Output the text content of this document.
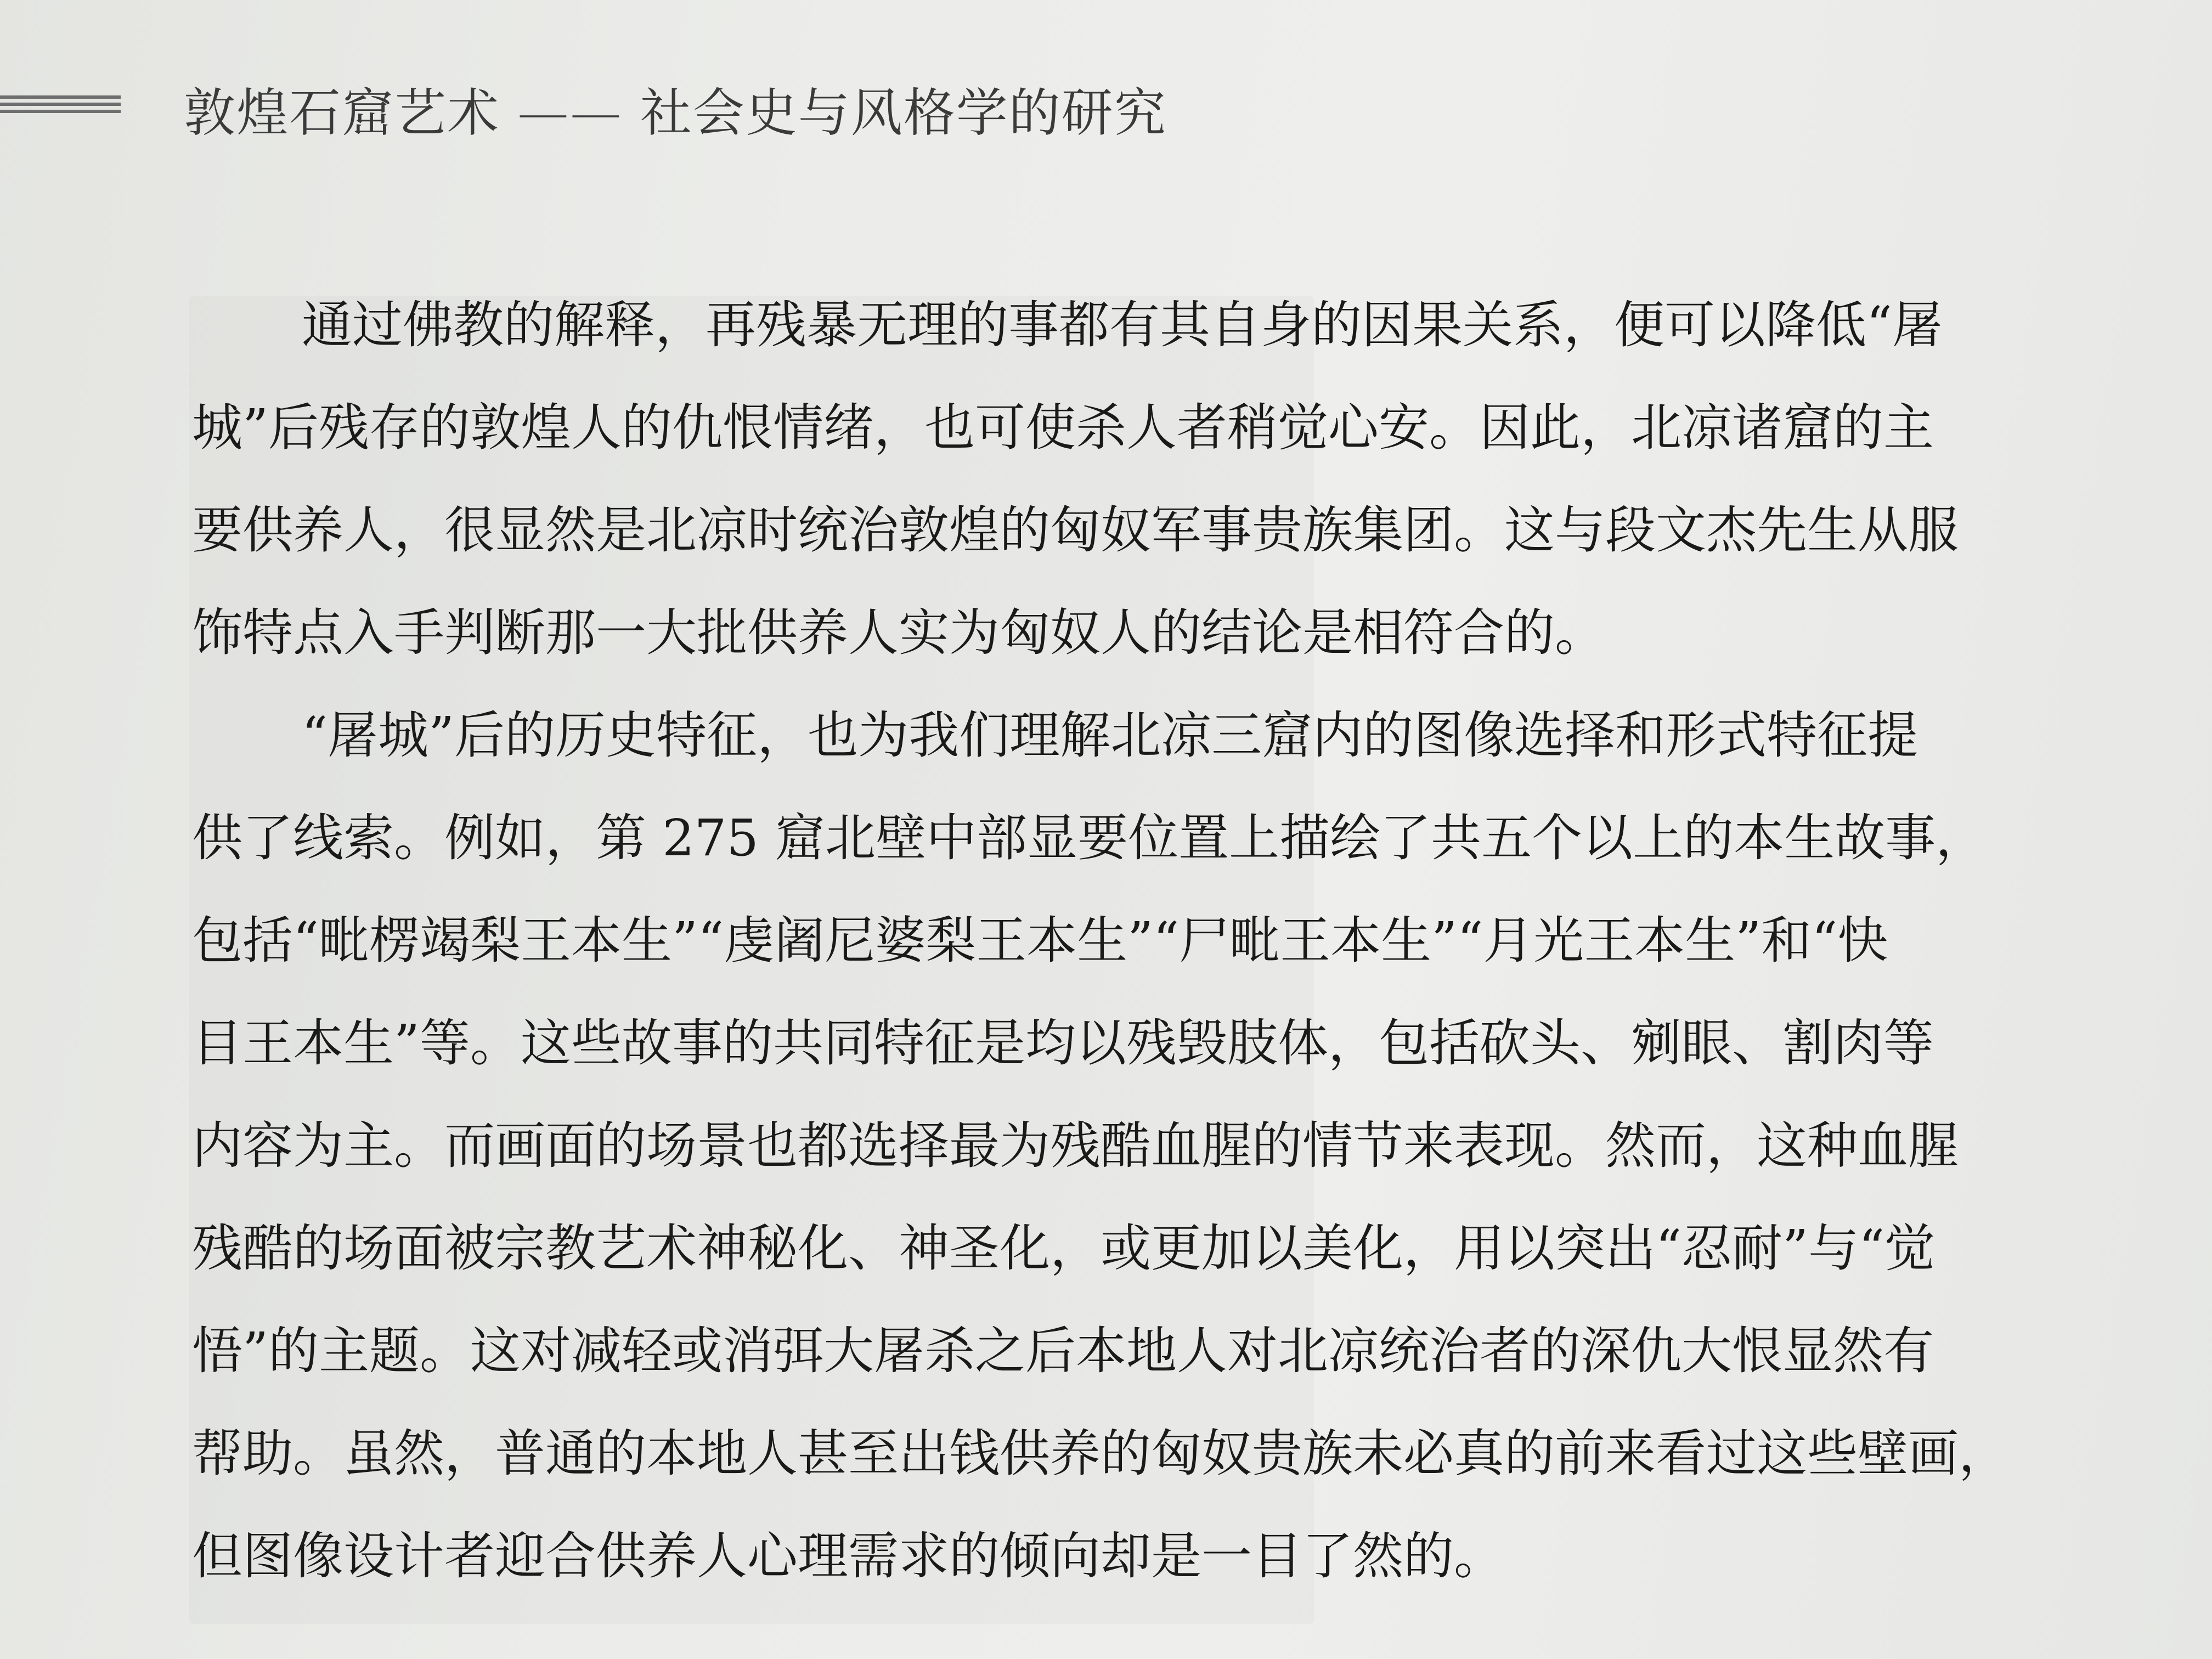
敦煌石窟艺术 —— 社会史与风格学的研究
通过佛教的解释，再残暴无理的事都有其自身的因果关系，便可以降低“屠
城”后残存的敦煌人的仇恨情绪，也可使杀人者稍觉心安。因此，北凉诸窟的主
要供养人，很显然是北凉时统治敦煌的匈奴军事贵族集团。这与段文杰先生从服
饰特点入手判断那一大批供养人实为匈奴人的结论是相符合的。
“屠城”后的历史特征，也为我们理解北凉三窟内的图像选择和形式特征提
供了线索。例如，第 275 窟北壁中部显要位置上描绘了共五个以上的本生故事，
包括“毗楞竭梨王本生”“虔阇尼婆梨王本生”“尸毗王本生”“月光王本生”和“快
目王本生”等。这些故事的共同特征是均以残毁肢体，包括砍头、剜眼、割肉等
内容为主。而画面的场景也都选择最为残酷血腥的情节来表现。然而，这种血腥
残酷的场面被宗教艺术神秘化、神圣化，或更加以美化，用以突出“忍耐”与“觉
悟”的主题。这对减轻或消弭大屠杀之后本地人对北凉统治者的深仇大恨显然有
帮助。虽然，普通的本地人甚至出钱供养的匈奴贵族未必真的前来看过这些壁画，
但图像设计者迎合供养人心理需求的倾向却是一目了然的。
